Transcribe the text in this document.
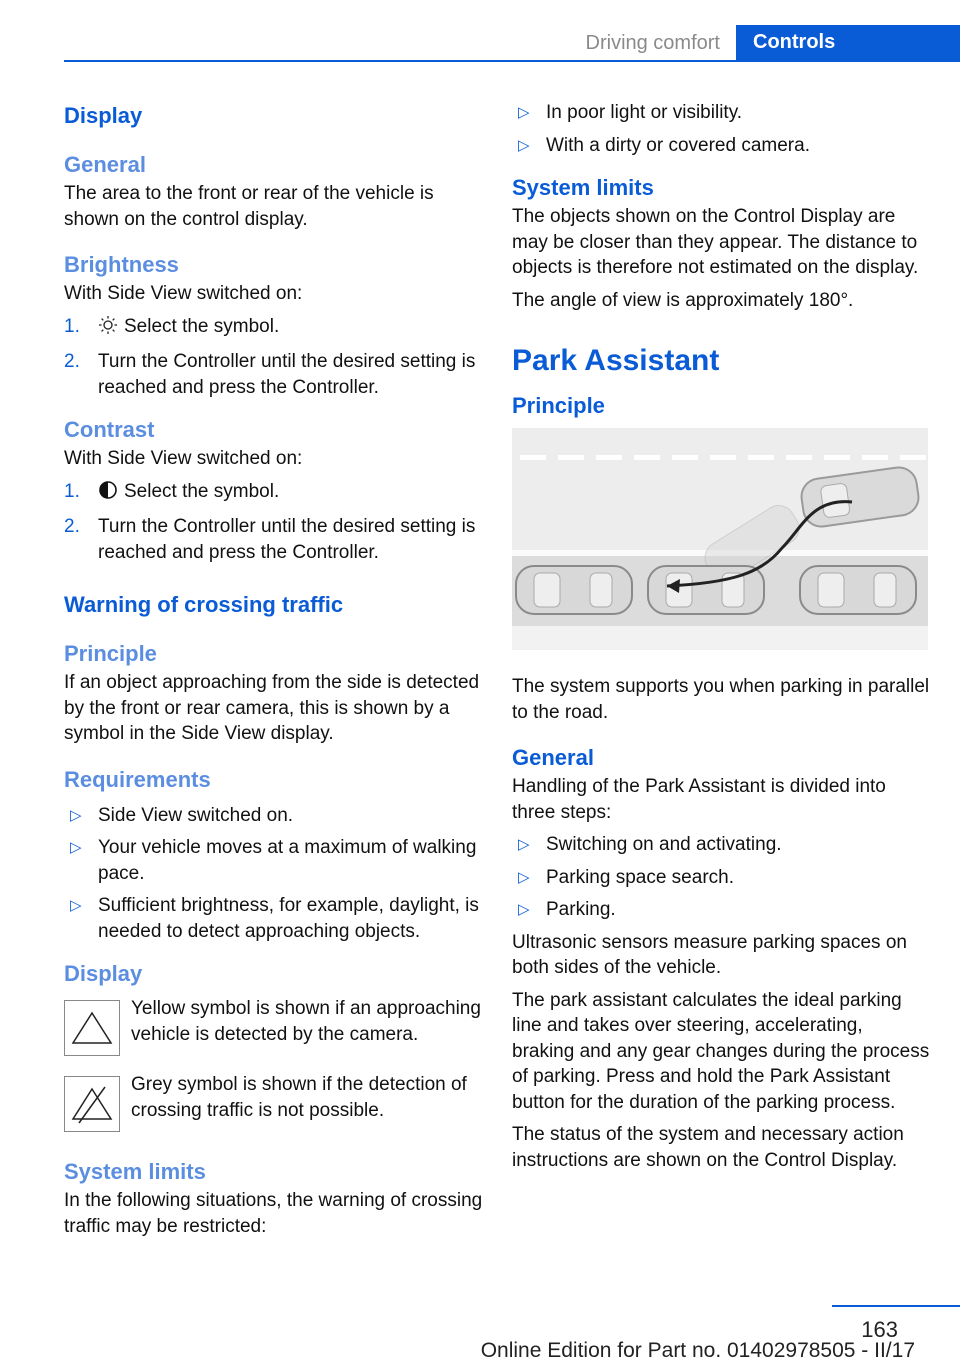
Driving comfort	Controls
Display
General

The area to the front or rear of the vehicle is shown on the control display.

Brightness

With Side View switched on:

1. Select the symbol.
2. Turn the Controller until the desired setting is reached and press the Controller.
Contrast

With Side View switched on:

1. Select the symbol.
2. Turn the Controller until the desired setting is reached and press the Controller.
Warning of crossing traffic
Principle

If an object approaching from the side is detected by the front or rear camera, this is shown by a symbol in the Side View display.

Requirements
▷ Side View switched on.
▷ Your vehicle moves at a maximum of walking pace.
▷ Sufficient brightness, for example, daylight, is needed to detect approaching objects.
Display

Yellow symbol is shown if an approaching vehicle is detected by the camera.

Grey symbol is shown if the detection of crossing traffic is not possible.

System limits

In the following situations, the warning of crossing traffic may be restricted:

▷ In poor light or visibility.
▷ With a dirty or covered camera.
System limits

The objects shown on the Control Display are may be closer than they appear. The distance to objects is therefore not estimated on the display.

The angle of view is approximately 180°.

Park Assistant
Principle

The system supports you when parking in parallel to the road.

General

Handling of the Park Assistant is divided into three steps:

▷ Switching on and activating.
▷ Parking space search.
▷ Parking.

Ultrasonic sensors measure parking spaces on both sides of the vehicle.

The park assistant calculates the ideal parking line and takes over steering, accelerating, braking and any gear changes during the process of parking. Press and hold the Park Assistant button for the duration of the parking process.

The status of the system and necessary action instructions are shown on the Control Display.

163
Online Edition for Part no. 01402978505 - II/17
